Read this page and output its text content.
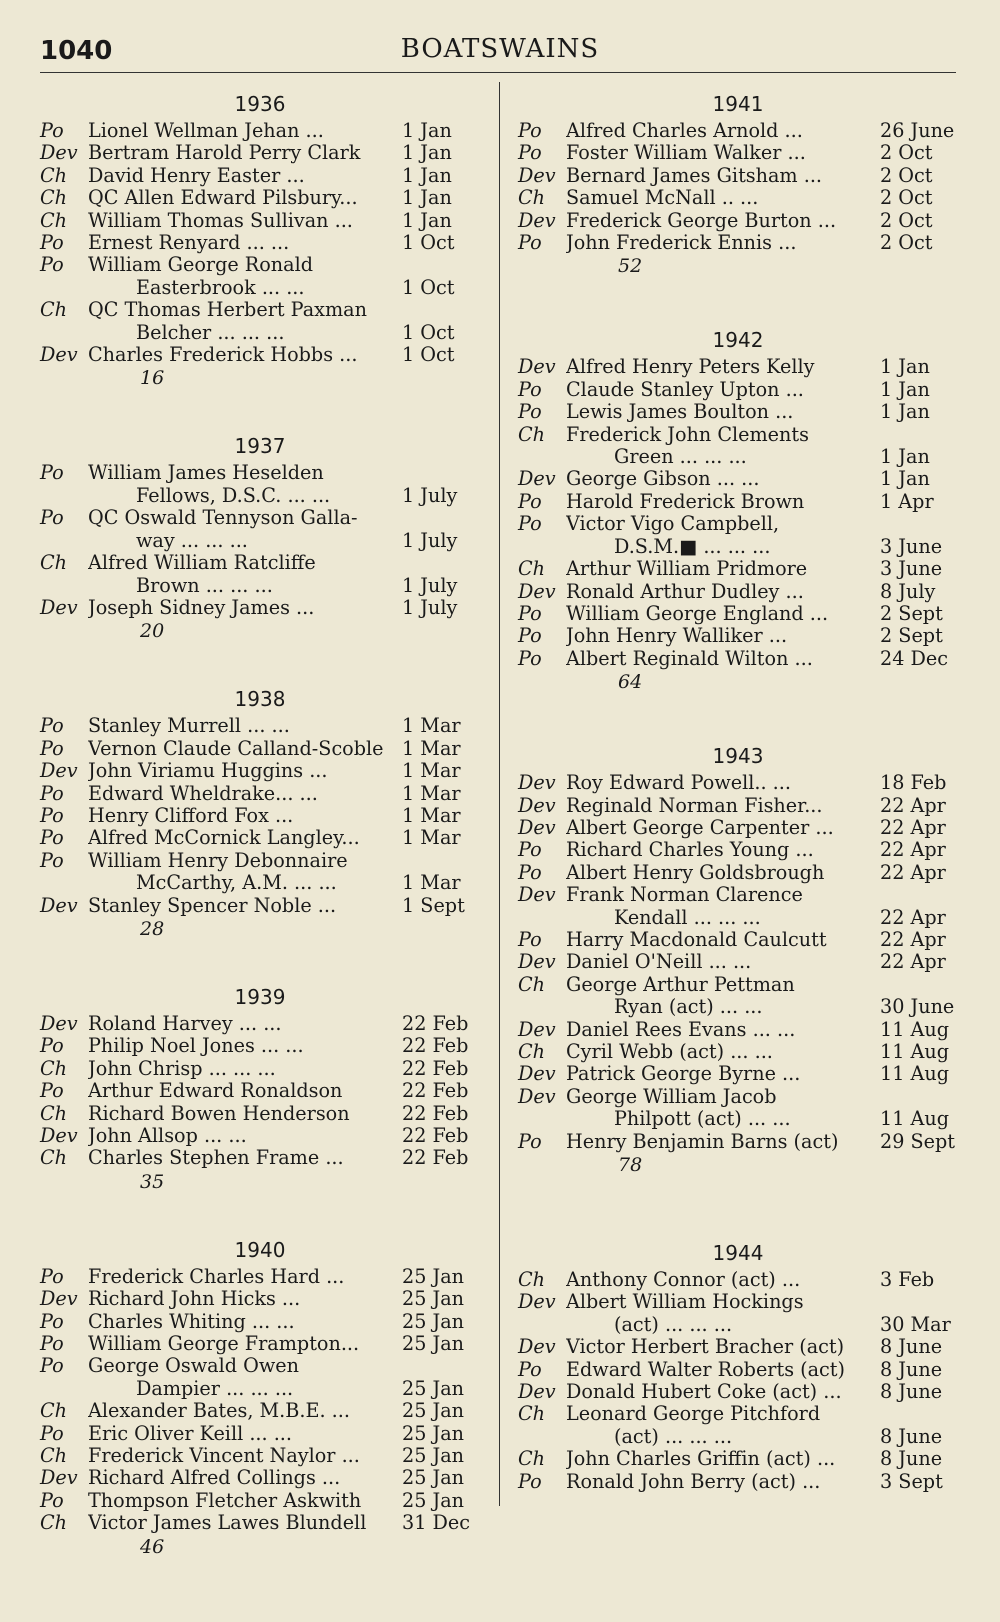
1040	BOATSWAINS
1936
Po	Lionel Wellman Jehan ...	1 Jan
Dev Bertram Harold Perry Clark	1 Jan
Ch	David Henry Easter ...	1 Jan
Ch	QC Allen Edward Pilsbury...	1 Jan
Ch	William Thomas Sullivan ...	1 Jan
Po	Ernest Renyard ... ...	1 Oct
Po	William George Ronald
Easterbrook ... ...	1 Oct
Ch	QC Thomas Herbert Paxman
Belcher ... ... ...	1 Oct
Dev Charles Frederick Hobbs ...	1 Oct
16
1937
Po	William James Heselden
Fellows, D.S.C. ... ...	1 July
Po	QC Oswald Tennyson Galla-
way ... ... ...	1 July
Ch	Alfred William Ratcliffe
Brown ... ... ...	1 July
Dev Joseph Sidney James ...	1 July
20
1938
Po	Stanley Murrell ... ...	1 Mar
Po	Vernon Claude Calland-Scoble 1 Mar
Dev John Viriamu Huggins ...	1 Mar
Po	Edward Wheldrake... ...	1 Mar
Po	Henry Clifford Fox ...	1 Mar
Po	Alfred McCornick Langley...	1 Mar
Po	William Henry Debonnaire
McCarthy, A.M. ... ...	1 Mar
Dev Stanley Spencer Noble ...	1 Sept
28
1939
Dev Roland Harvey ... ...	22 Feb
Po	Philip Noel Jones ... ...	22 Feb
Ch	John Chrisp ... ... ...	22 Feb
Po	Arthur Edward Ronaldson	22 Feb
Ch	Richard Bowen Henderson	22 Feb
Dev John Allsop ... ...	22 Feb
Ch	Charles Stephen Frame ...	22 Feb
35
1940
Po	Frederick Charles Hard ...	25 Jan
Dev Richard John Hicks ...	25 Jan
Po	Charles Whiting ... ...	25 Jan
Po	William George Frampton...	25 Jan
Po	George Oswald Owen
Dampier ... ... ...	25 Jan
Ch	Alexander Bates, M.B.E. ...	25 Jan
Po	Eric Oliver Keill ... ...	25 Jan
Ch	Frederick Vincent Naylor ...	25 Jan
Dev Richard Alfred Collings ...	25 Jan
Po	Thompson Fletcher Askwith	25 Jan
Ch	Victor James Lawes Blundell	31 Dec
46
1941
Po	Alfred Charles Arnold ...	26 June
Po	Foster William Walker ...	2 Oct
Dev Bernard James Gitsham ...	2 Oct
Ch	Samuel McNall .. ...	2 Oct
Dev Frederick George Burton ...	2 Oct
Po	John Frederick Ennis ...	2 Oct
52
1942
Dev Alfred Henry Peters Kelly	1 Jan
Po	Claude Stanley Upton ...	1 Jan
Po	Lewis James Boulton ...	1 Jan
Ch	Frederick John Clements
Green ... ... ...	1 Jan
Dev George Gibson ... ...	1 Jan
Po	Harold Frederick Brown	1 Apr
Po	Victor Vigo Campbell,
D.S.M.■ ... ... ...	3 June
Ch	Arthur William Pridmore	3 June
Dev Ronald Arthur Dudley ...	8 July
Po	William George England ...	2 Sept
Po	John Henry Walliker ...	2 Sept
Po	Albert Reginald Wilton ...	24 Dec
64
1943
Dev Roy Edward Powell.. ...	18 Feb
Dev Reginald Norman Fisher...	22 Apr
Dev Albert George Carpenter ...	22 Apr
Po	Richard Charles Young ...	22 Apr
Po	Albert Henry Goldsbrough	22 Apr
Dev Frank Norman Clarence
Kendall ... ... ...	22 Apr
Po	Harry Macdonald Caulcutt	22 Apr
Dev Daniel O'Neill ... ...	22 Apr
Ch	George Arthur Pettman
Ryan (act) ... ...	30 June
Dev Daniel Rees Evans ... ...	11 Aug
Ch	Cyril Webb (act) ... ...	11 Aug
Dev Patrick George Byrne ...	11 Aug
Dev George William Jacob
Philpott (act) ... ...	11 Aug
Po	Henry Benjamin Barns (act)	29 Sept
78
1944
Ch	Anthony Connor (act) ...	3 Feb
Dev Albert William Hockings
(act) ... ... ...	30 Mar
Dev Victor Herbert Bracher (act)	8 June
Po	Edward Walter Roberts (act)	8 June
Dev Donald Hubert Coke (act) ...	8 June
Ch	Leonard George Pitchford
(act) ... ... ...	8 June
Ch	John Charles Griffin (act) ...	8 June
Po	Ronald John Berry (act) ...	3 Sept
